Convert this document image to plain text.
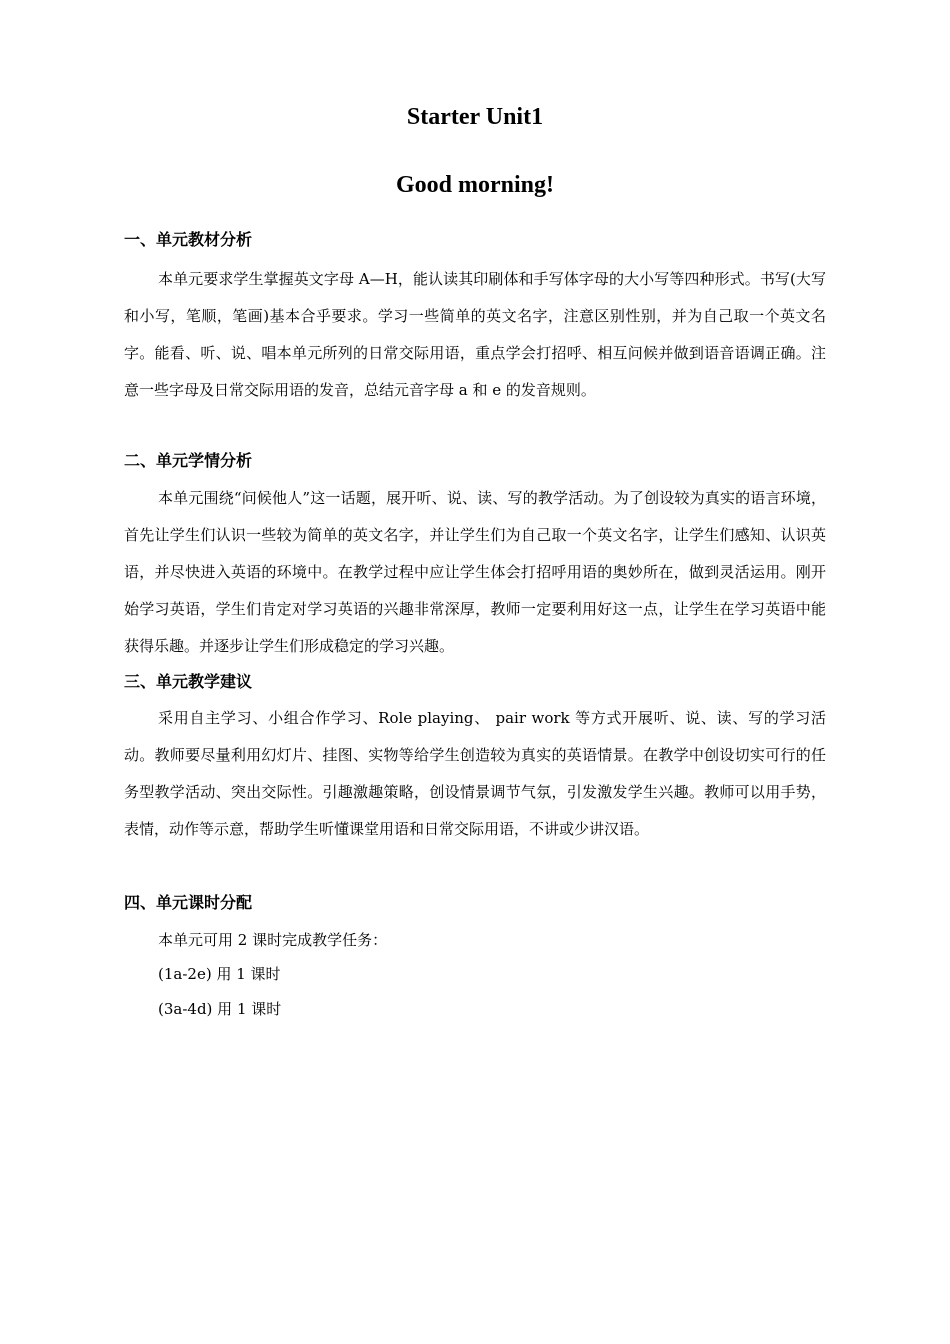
Starter Unit1
Good morning!
一、单元教材分析

本单元要求学生掌握英文字母 A—H，能认读其印刷体和手写体字母的大小写等四种形式。书写(大写和小写，笔顺，笔画)基本合乎要求。学习一些简单的英文名字，注意区别性别，并为自己取一个英文名字。能看、听、说、唱本单元所列的日常交际用语，重点学会打招呼、相互问候并做到语音语调正确。注意一些字母及日常交际用语的发音，总结元音字母 a 和 e 的发音规则。

二、单元学情分析

本单元围绕“问候他人”这一话题，展开听、说、读、写的教学活动。为了创设较为真实的语言环境，首先让学生们认识一些较为简单的英文名字，并让学生们为自己取一个英文名字，让学生们感知、认识英语，并尽快进入英语的环境中。在教学过程中应让学生体会打招呼用语的奥妙所在，做到灵活运用。刚开始学习英语，学生们肯定对学习英语的兴趣非常深厚，教师一定要利用好这一点，让学生在学习英语中能获得乐趣。并逐步让学生们形成稳定的学习兴趣。

三、单元教学建议

采用自主学习、小组合作学习、Role playing、 pair work 等方式开展听、说、读、写的学习活动。教师要尽量利用幻灯片、挂图、实物等给学生创造较为真实的英语情景。在教学中创设切实可行的任务型教学活动、突出交际性。引趣激趣策略，创设情景调节气氛，引发激发学生兴趣。教师可以用手势，表情，动作等示意，帮助学生听懂课堂用语和日常交际用语，不讲或少讲汉语。

四、单元课时分配

本单元可用 2 课时完成教学任务：

(1a-2e) 用 1 课时

(3a-4d) 用 1 课时
